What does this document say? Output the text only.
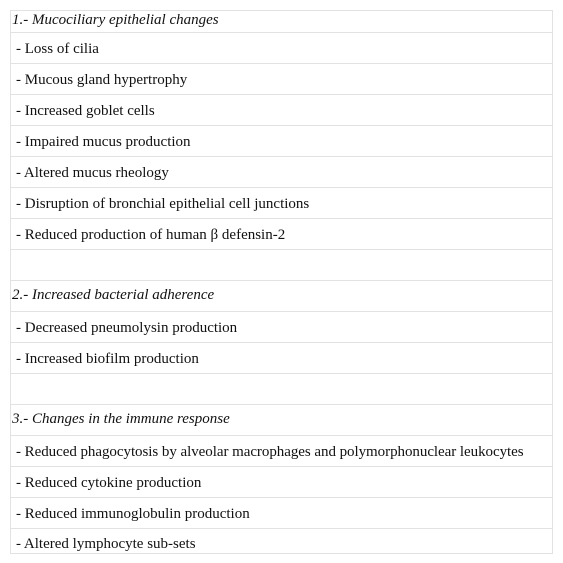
1.- Mucociliary epithelial changes
- Loss of cilia
- Mucous gland hypertrophy
- Increased goblet cells
- Impaired mucus production
- Altered mucus rheology
- Disruption of bronchial epithelial cell junctions
- Reduced production of human β defensin-2

2.- Increased bacterial adherence
- Decreased pneumolysin production
- Increased biofilm production

3.- Changes in the immune response
- Reduced phagocytosis by alveolar macrophages and polymorphonuclear leukocytes
- Reduced cytokine production
- Reduced immunoglobulin production
- Altered lymphocyte sub-sets
